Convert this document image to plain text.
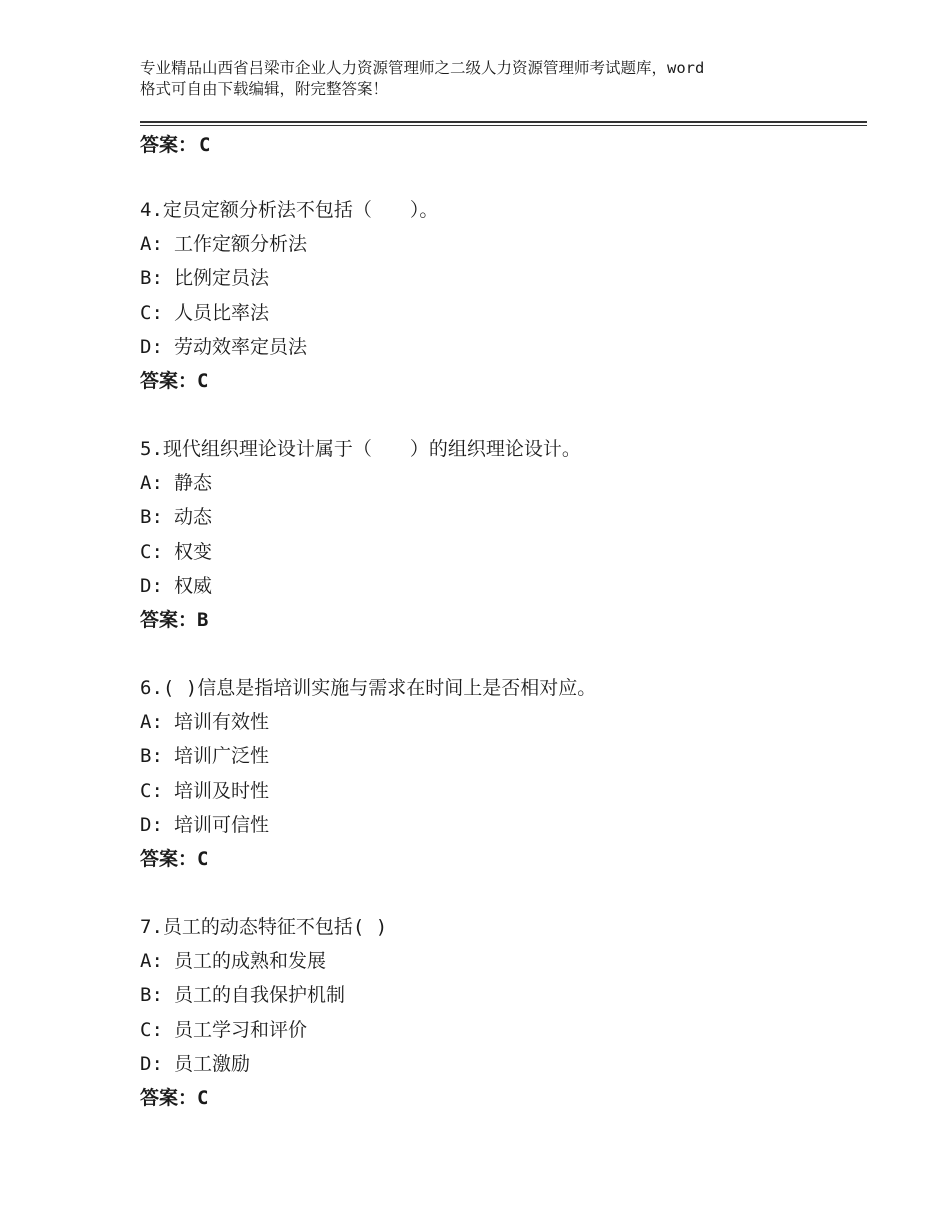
专业精品山西省吕梁市企业人力资源管理师之二级人力资源管理师考试题库，word
格式可自由下载编辑，附完整答案！
答案： C
4.定员定额分析法不包括（　　）。
A: 工作定额分析法
B: 比例定员法
C: 人员比率法
D: 劳动效率定员法
答案：C
5.现代组织理论设计属于（　　）的组织理论设计。
A: 静态
B: 动态
C: 权变
D: 权威
答案：B
6.( )信息是指培训实施与需求在时间上是否相对应。
A: 培训有效性
B: 培训广泛性
C: 培训及时性
D: 培训可信性
答案：C
7.员工的动态特征不包括( )
A: 员工的成熟和发展
B: 员工的自我保护机制
C: 员工学习和评价
D: 员工激励
答案：C
